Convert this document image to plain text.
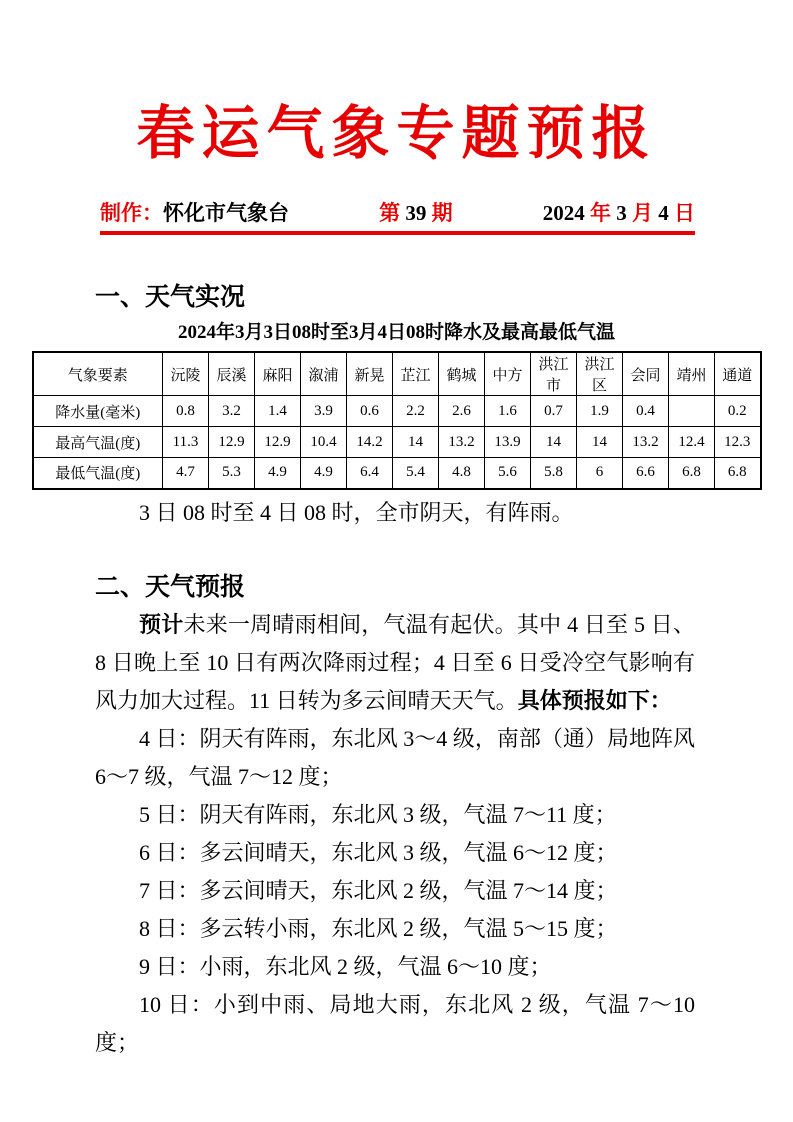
春运气象专题预报
制作：怀化市气象台	第 39 期	2024 年 3 月 4 日
一、天气实况
2024年3月3日08时至3月4日08时降水及最高最低气温
气象要素	沅陵	辰溪	麻阳	溆浦	新晃	芷江	鹤城	中方	洪江市	洪江区	会同	靖州	通道
降水量(毫米)	0.8	3.2	1.4	3.9	0.6	2.2	2.6	1.6	0.7	1.9	0.4		0.2
最高气温(度)	11.3	12.9	12.9	10.4	14.2	14	13.2	13.9	14	14	13.2	12.4	12.3
最低气温(度)	4.7	5.3	4.9	4.9	6.4	5.4	4.8	5.6	5.8	6	6.6	6.8	6.8

3 日 08 时至 4 日 08 时，全市阴天，有阵雨。

二、天气预报

预计未来一周晴雨相间，气温有起伏。其中 4 日至 5 日、8 日晚上至 10 日有两次降雨过程；4 日至 6 日受冷空气影响有风力加大过程。11 日转为多云间晴天天气。具体预报如下：

4 日：阴天有阵雨，东北风 3～4 级，南部（通）局地阵风 6～7 级，气温 7～12 度；

5 日：阴天有阵雨，东北风 3 级，气温 7～11 度；

6 日：多云间晴天，东北风 3 级，气温 6～12 度；

7 日：多云间晴天，东北风 2 级，气温 7～14 度；

8 日：多云转小雨，东北风 2 级，气温 5～15 度；

9 日：小雨，东北风 2 级，气温 6～10 度；

10 日：小到中雨、局地大雨，东北风 2 级，气温 7～10 度；
